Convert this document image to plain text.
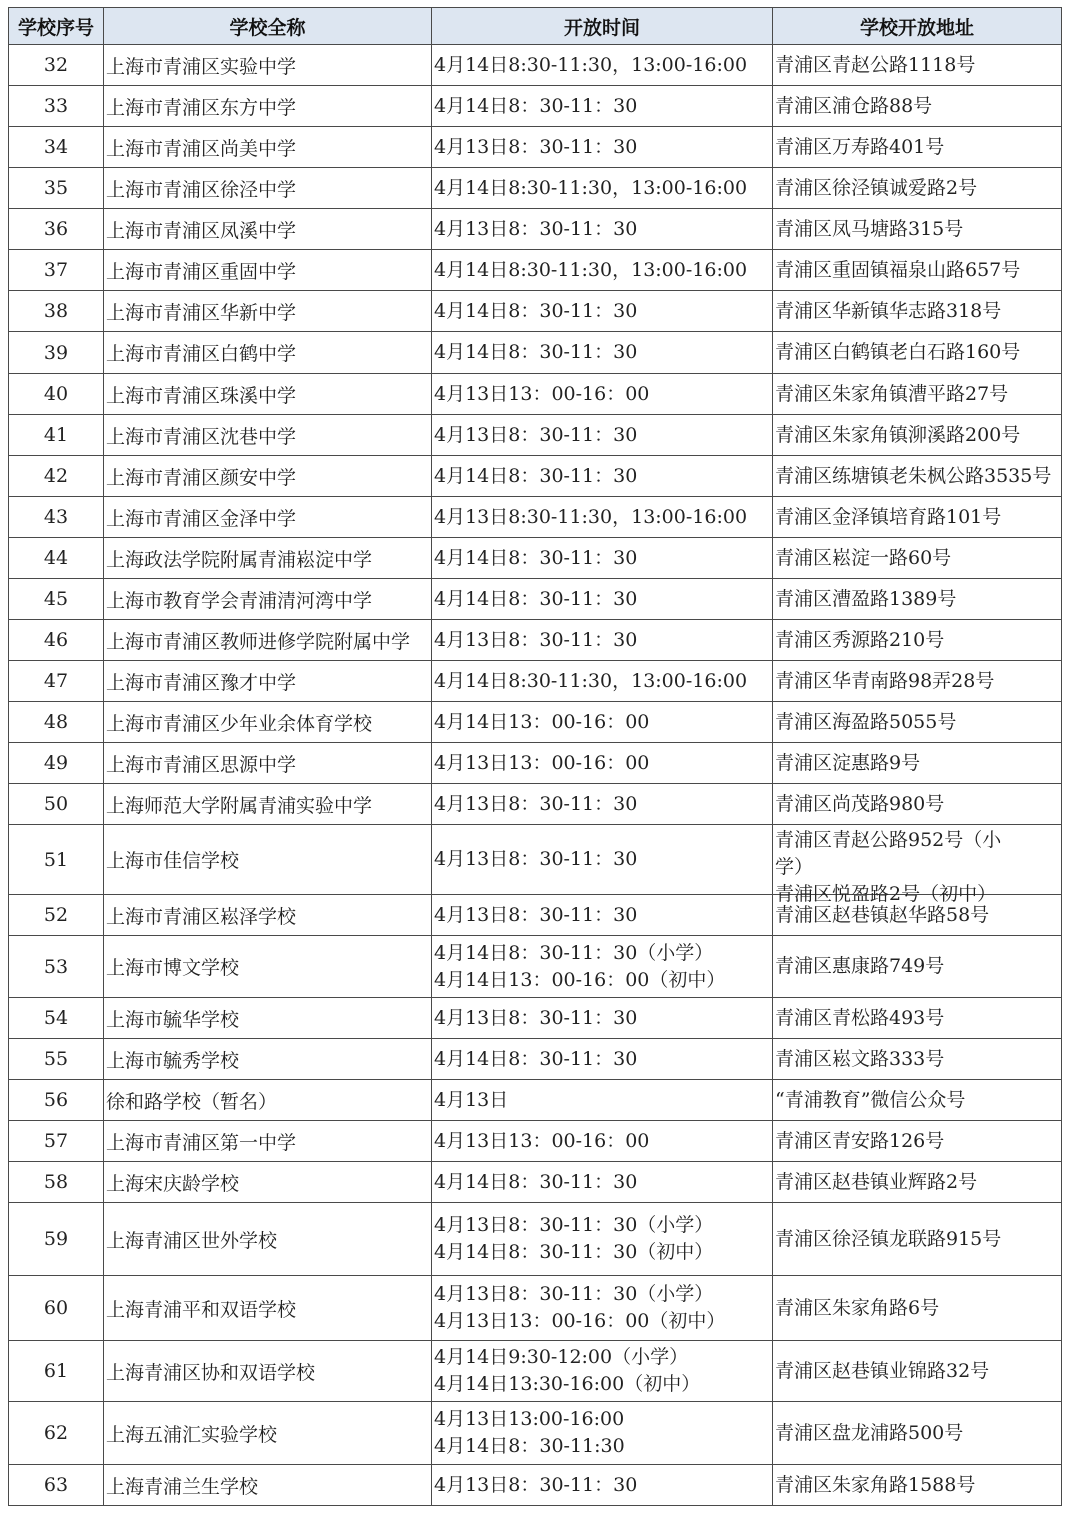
学校序号	学校全称	开放时间	学校开放地址
32	上海市青浦区实验中学	4月14日8:30-11:30，13:00-16:00	青浦区青赵公路1118号

33	上海市青浦区东方中学	4月14日8：30-11：30	青浦区浦仓路88号

34	上海市青浦区尚美中学	4月13日8：30-11：30	青浦区万寿路401号

35	上海市青浦区徐泾中学	4月14日8:30-11:30，13:00-16:00	青浦区徐泾镇诚爱路2号

36	上海市青浦区凤溪中学	4月13日8：30-11：30	青浦区凤马塘路315号

37	上海市青浦区重固中学	4月14日8:30-11:30，13:00-16:00	青浦区重固镇福泉山路657号

38	上海市青浦区华新中学	4月14日8：30-11：30	青浦区华新镇华志路318号

39	上海市青浦区白鹤中学	4月14日8：30-11：30	青浦区白鹤镇老白石路160号

40	上海市青浦区珠溪中学	4月13日13：00-16：00	青浦区朱家角镇漕平路27号

41	上海市青浦区沈巷中学	4月13日8：30-11：30	青浦区朱家角镇泖溪路200号

42	上海市青浦区颜安中学	4月14日8：30-11：30	青浦区练塘镇老朱枫公路3535号

43	上海市青浦区金泽中学	4月13日8:30-11:30，13:00-16:00	青浦区金泽镇培育路101号

44	上海政法学院附属青浦崧淀中学	4月14日8：30-11：30	青浦区崧淀一路60号

45	上海市教育学会青浦清河湾中学	4月14日8：30-11：30	青浦区漕盈路1389号

46	上海市青浦区教师进修学院附属中学	4月13日8：30-11：30	青浦区秀源路210号

47	上海市青浦区豫才中学	4月14日8:30-11:30，13:00-16:00	青浦区华青南路98弄28号

48	上海市青浦区少年业余体育学校	4月14日13：00-16：00	青浦区海盈路5055号

49	上海市青浦区思源中学	4月13日13：00-16：00	青浦区淀惠路9号

50	上海师范大学附属青浦实验中学	4月13日8：30-11：30	青浦区尚茂路980号

51	上海市佳信学校	4月13日8：30-11：30	青浦区青赵公路952号（小
学）
青浦区悦盈路2号（初中）

52	上海市青浦区崧泽学校	4月13日8：30-11：30	青浦区赵巷镇赵华路58号

53	上海市博文学校	4月14日8：30-11：30（小学）
4月14日13：00-16：00（初中）	青浦区惠康路749号

54	上海市毓华学校	4月13日8：30-11：30	青浦区青松路493号

55	上海市毓秀学校	4月14日8：30-11：30	青浦区崧文路333号

56	徐和路学校（暂名）	4月13日	“青浦教育”微信公众号

57	上海市青浦区第一中学	4月13日13：00-16：00	青浦区青安路126号

58	上海宋庆龄学校	4月14日8：30-11：30	青浦区赵巷镇业辉路2号

59	上海青浦区世外学校	4月13日8：30-11：30（小学）
4月14日8：30-11：30（初中）	青浦区徐泾镇龙联路915号

60	上海青浦平和双语学校	4月13日8：30-11：30（小学）
4月13日13：00-16：00（初中）	青浦区朱家角路6号

61	上海青浦区协和双语学校	4月14日9:30-12:00（小学）
4月14日13:30-16:00（初中）	青浦区赵巷镇业锦路32号

62	上海五浦汇实验学校	4月13日13:00-16:00
4月14日8：30-11:30	青浦区盘龙浦路500号

63	上海青浦兰生学校	4月13日8：30-11：30	青浦区朱家角路1588号
